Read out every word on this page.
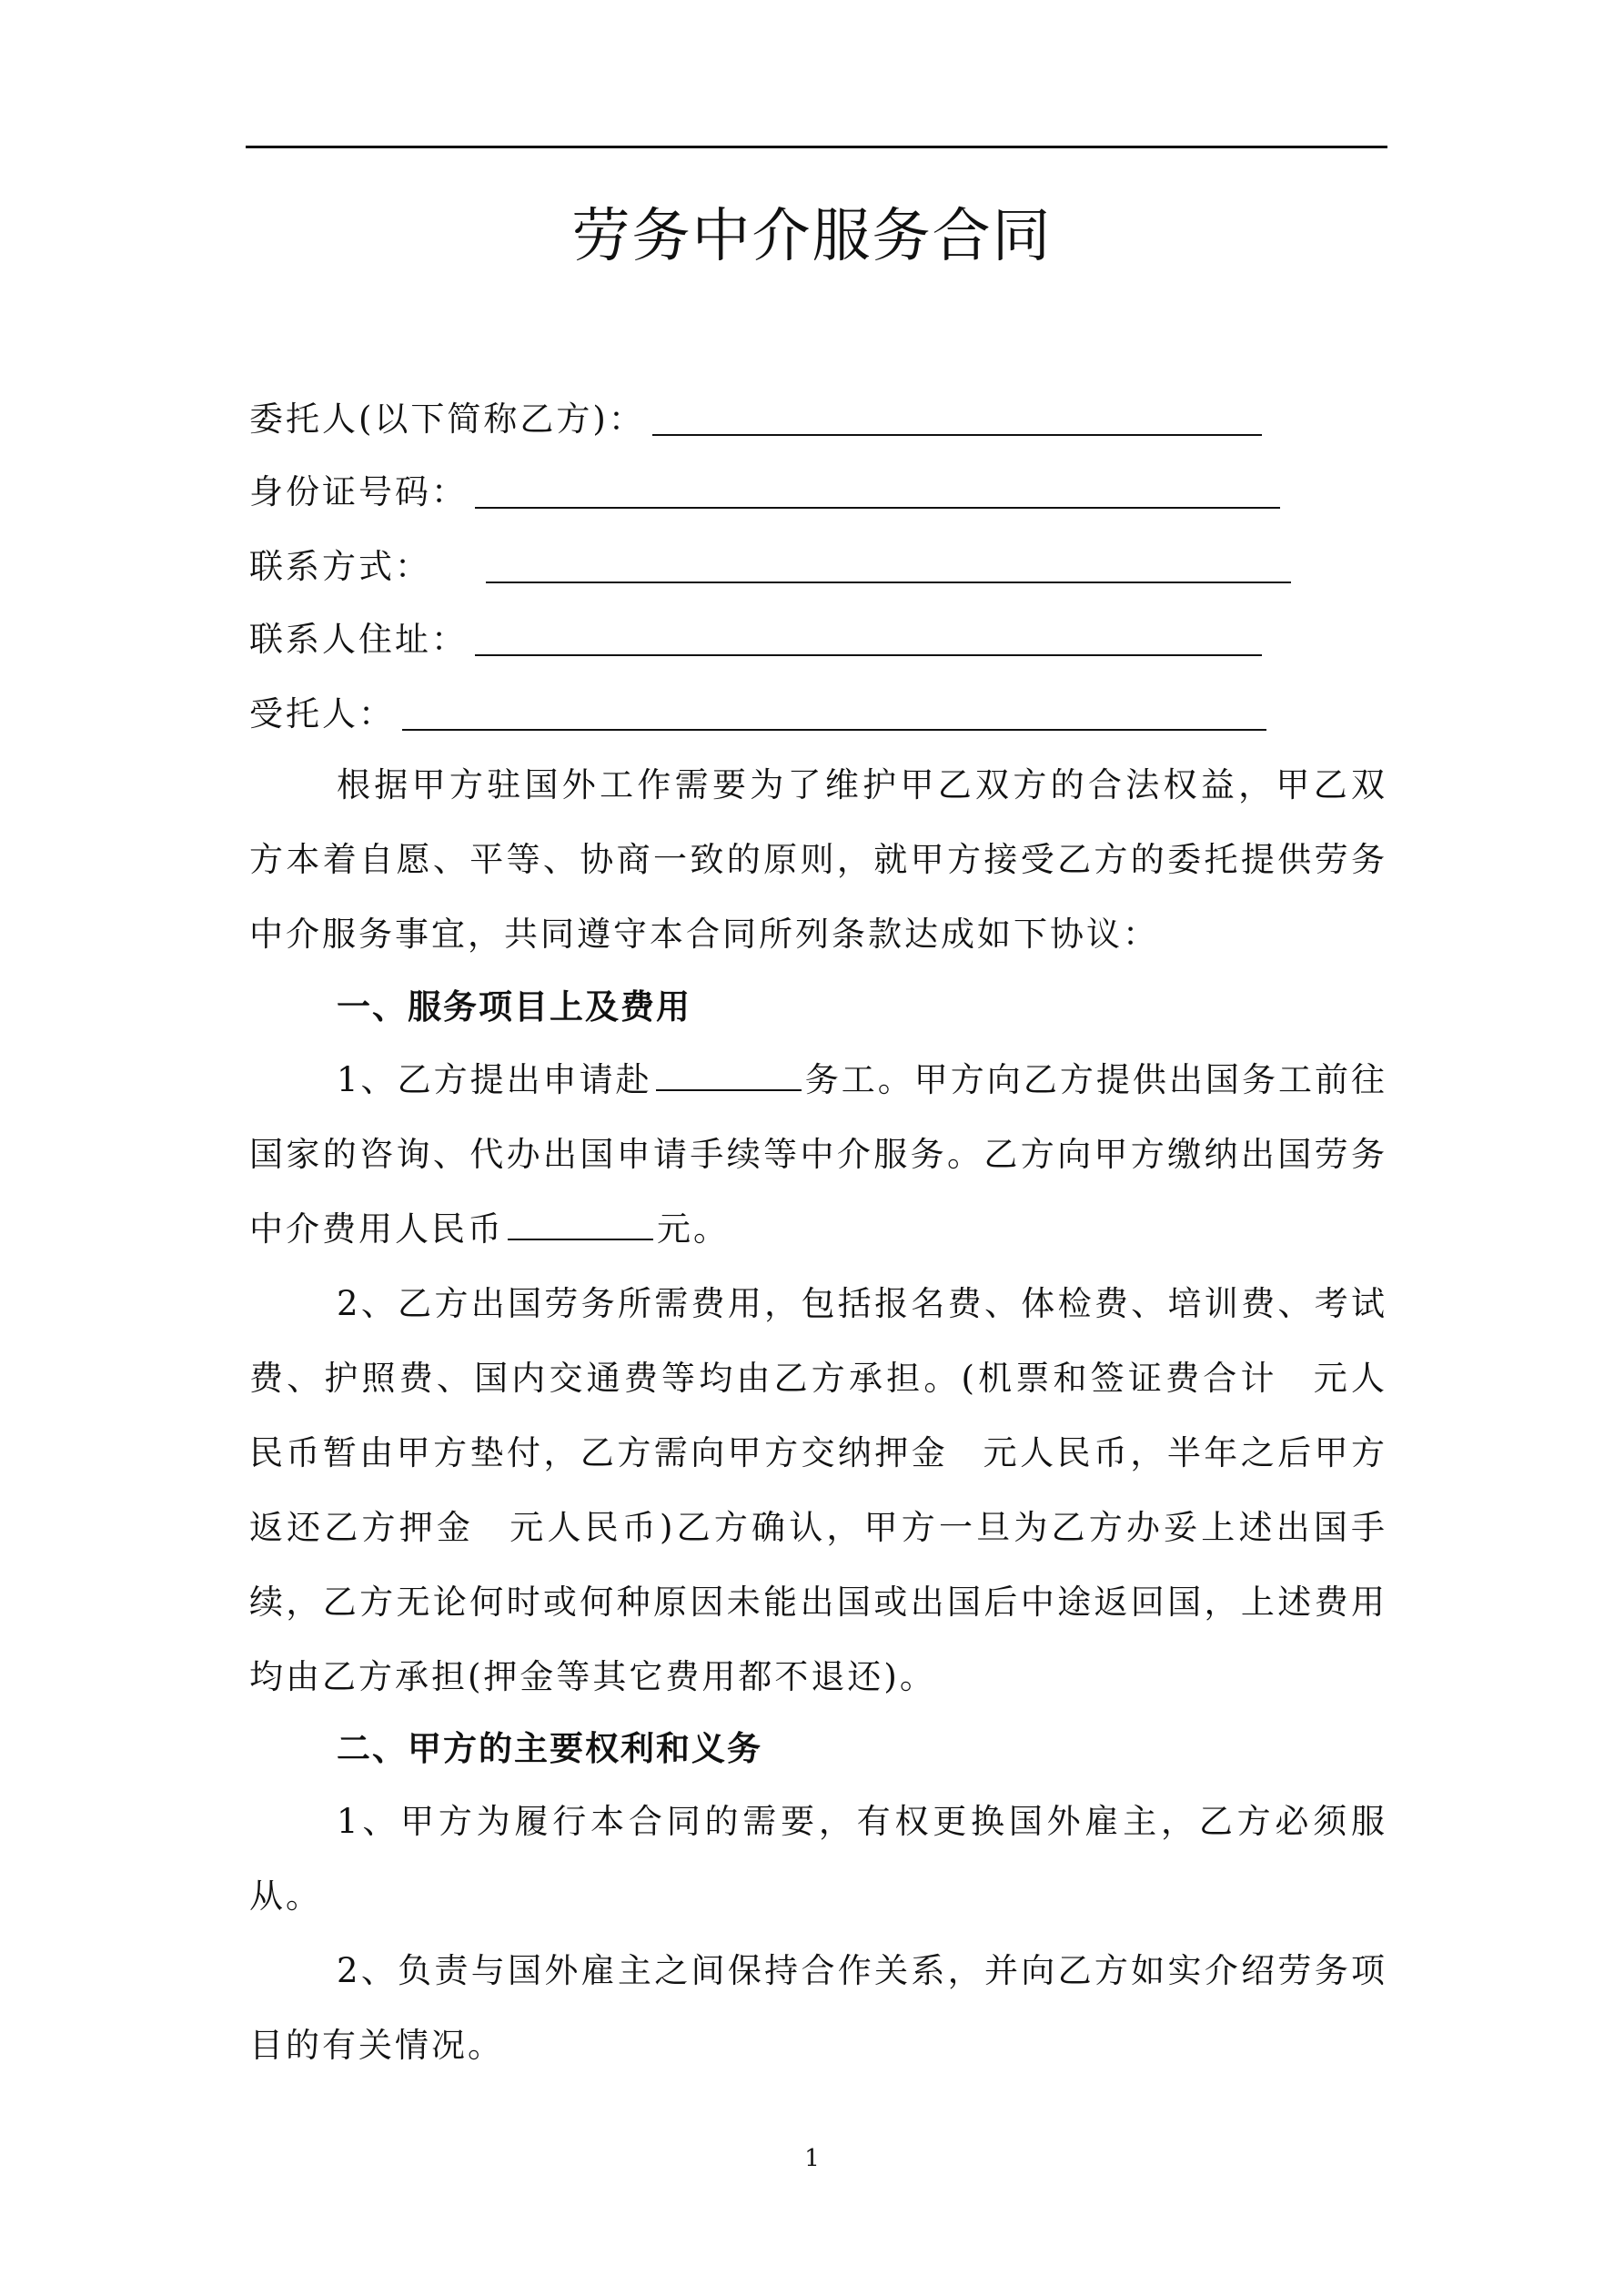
劳务中介服务合同
委托人(以下简称乙方)：
身份证号码：
联系方式：
联系人住址：
受托人：

根据甲方驻国外工作需要为了维护甲乙双方的合法权益，甲乙双方本着自愿、平等、协商一致的原则，就甲方接受乙方的委托提供劳务中介服务事宜，共同遵守本合同所列条款达成如下协议：

一、服务项目上及费用

1、乙方提出申请赴	务工。甲方向乙方提供出国务工前往国家的咨询、代办出国申请手续等中介服务。乙方向甲方缴纳出国劳务中介费用人民币	元。

2、乙方出国劳务所需费用，包括报名费、体检费、培训费、考试费、护照费、国内交通费等均由乙方承担。(机票和签证费合计 元人民币暂由甲方垫付，乙方需向甲方交纳押金 元人民币，半年之后甲方返还乙方押金 元人民币)乙方确认，甲方一旦为乙方办妥上述出国手续，乙方无论何时或何种原因未能出国或出国后中途返回国，上述费用均由乙方承担(押金等其它费用都不退还)。

二、甲方的主要权利和义务

1、甲方为履行本合同的需要，有权更换国外雇主，乙方必须服从。

2、负责与国外雇主之间保持合作关系，并向乙方如实介绍劳务项目的有关情况。

1
